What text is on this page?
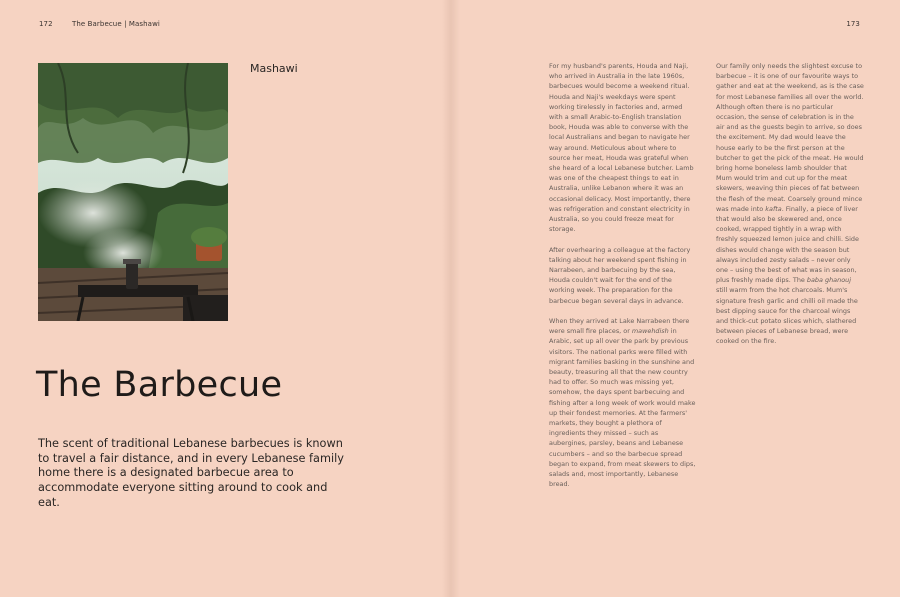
172	The Barbecue | Mashawi	173
Mashawi
The Barbecue

The scent of traditional Lebanese barbecues is known to travel a fair distance, and in every Lebanese family home there is a designated barbecue area to accommodate everyone sitting around to cook and eat.

For my husband's parents, Houda and Naji, who arrived in Australia in the late 1960s, barbecues would become a weekend ritual. Houda and Naji's weekdays were spent working tirelessly in factories and, armed with a small Arabic-to-English translation book, Houda was able to converse with the local Australians and began to navigate her way around. Meticulous about where to source her meat, Houda was grateful when she heard of a local Lebanese butcher. Lamb was one of the cheapest things to eat in Australia, unlike Lebanon where it was an occasional delicacy. Most importantly, there was refrigeration and constant electricity in Australia, so you could freeze meat for storage.

After overhearing a colleague at the factory talking about her weekend spent fishing in Narrabeen, and barbecuing by the sea, Houda couldn't wait for the end of the working week. The preparation for the barbecue began several days in advance.

When they arrived at Lake Narrabeen there were small fire places, or mawehdish in Arabic, set up all over the park by previous visitors. The national parks were filled with migrant families basking in the sunshine and beauty, treasuring all that the new country had to offer. So much was missing yet, somehow, the days spent barbecuing and fishing after a long week of work would make up their fondest memories. At the farmers' markets, they bought a plethora of ingredients they missed – such as aubergines, parsley, beans and Lebanese cucumbers – and so the barbecue spread began to expand, from meat skewers to dips, salads and, most importantly, Lebanese bread.

Our family only needs the slightest excuse to barbecue – it is one of our favourite ways to gather and eat at the weekend, as is the case for most Lebanese families all over the world. Although often there is no particular occasion, the sense of celebration is in the air and as the guests begin to arrive, so does the excitement. My dad would leave the house early to be the first person at the butcher to get the pick of the meat. He would bring home boneless lamb shoulder that Mum would trim and cut up for the meat skewers, weaving thin pieces of fat between the flesh of the meat. Coarsely ground mince was made into kafta. Finally, a piece of liver that would also be skewered and, once cooked, wrapped tightly in a wrap with freshly squeezed lemon juice and chilli. Side dishes would change with the season but always included zesty salads – never only one – using the best of what was in season, plus freshly made dips. The baba ghanouj still warm from the hot charcoals. Mum's signature fresh garlic and chilli oil made the best dipping sauce for the charcoal wings and thick-cut potato slices which, slathered between pieces of Lebanese bread, were cooked on the fire.
